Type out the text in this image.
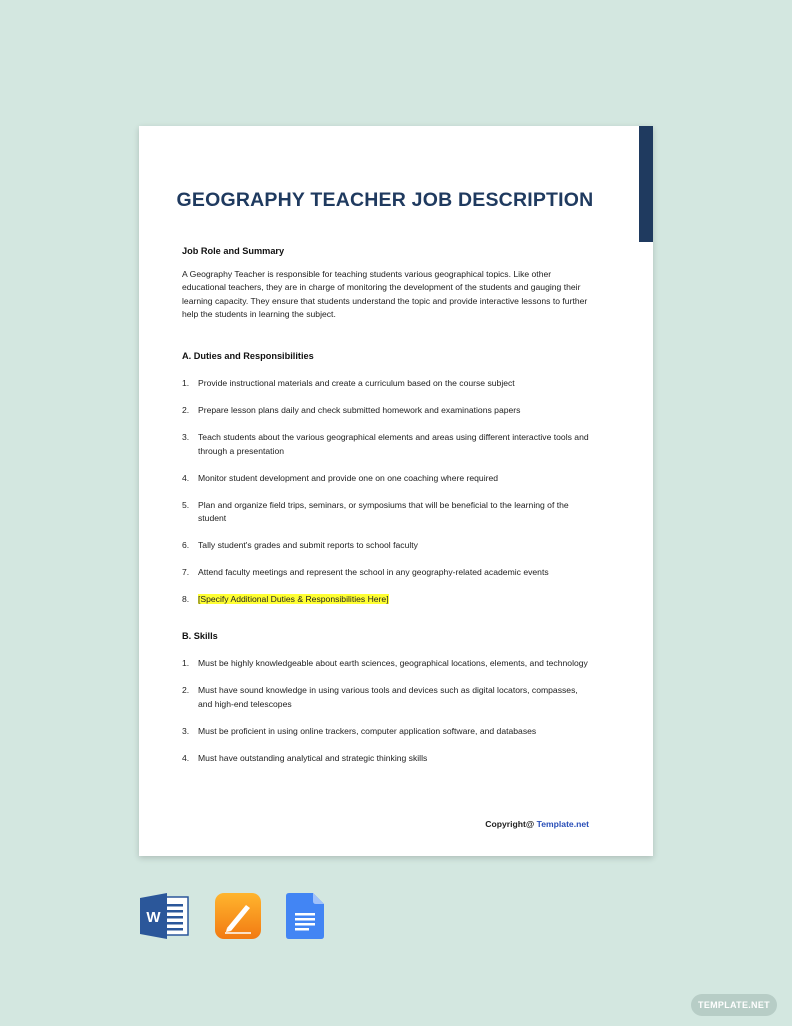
GEOGRAPHY TEACHER JOB DESCRIPTION
Job Role and Summary
A Geography Teacher is responsible for teaching students various geographical topics. Like other educational teachers, they are in charge of monitoring the development of the students and gauging their learning capacity. They ensure that students understand the topic and provide interactive lessons to further help the students in learning the subject.
A. Duties and Responsibilities
1. Provide instructional materials and create a curriculum based on the course subject
2. Prepare lesson plans daily and check submitted homework and examinations papers
3. Teach students about the various geographical elements and areas using different interactive tools and through a presentation
4. Monitor student development and provide one on one coaching where required
5. Plan and organize field trips, seminars, or symposiums that will be beneficial to the learning of the student
6. Tally student's grades and submit reports to school faculty
7. Attend faculty meetings and represent the school in any geography-related academic events
8. [Specify Additional Duties & Responsibilities Here]
B. Skills
1. Must be highly knowledgeable about earth sciences, geographical locations, elements, and technology
2. Must have sound knowledge in using various tools and devices such as digital locators, compasses, and high-end telescopes
3. Must be proficient in using online trackers, computer application software, and databases
4. Must have outstanding analytical and strategic thinking skills
Copyright@ Template.net
W
TEMPLATE.NET
